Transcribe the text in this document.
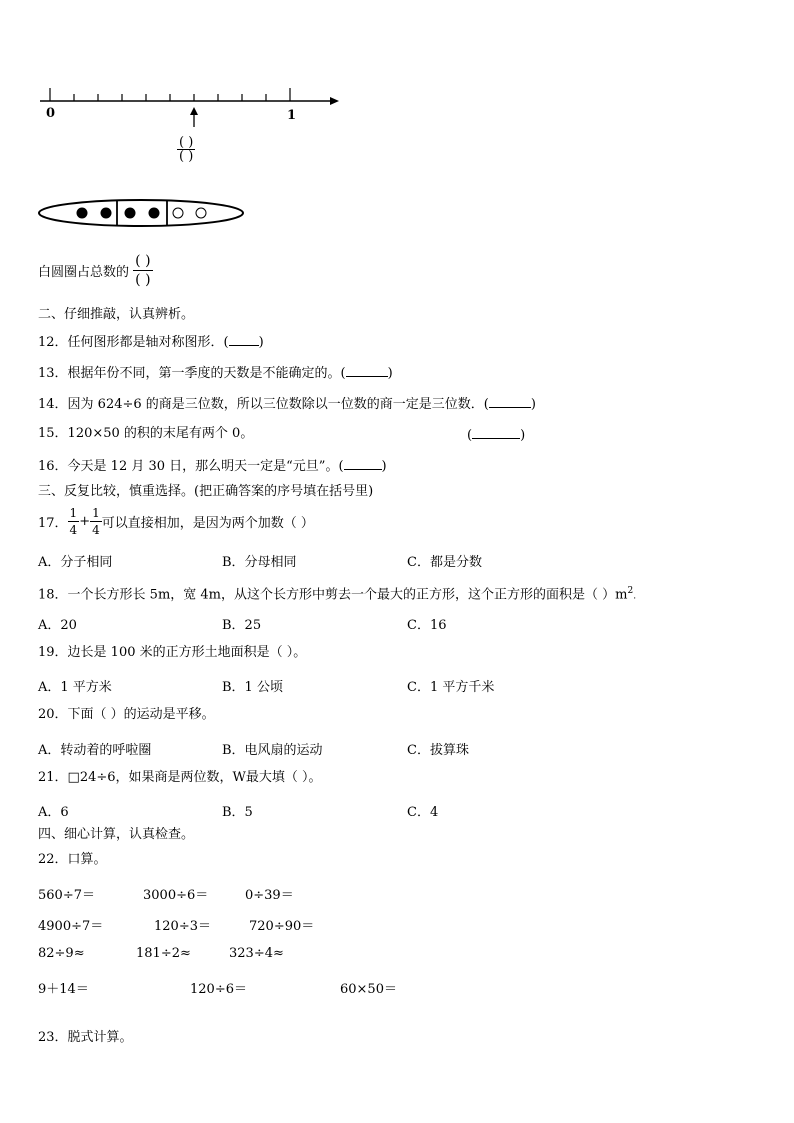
0	1
( )
( )
白圆圈占总数的 $\frac{( )}{( )}$
二、仔细推敲，认真辨析。
12．任何图形都是轴对称图形．( )
13．根据年份不同，第一季度的天数是不能确定的。(	)
14．因为 624÷6 的商是三位数，所以三位数除以一位数的商一定是三位数．(	)
15．120×50 的积的末尾有两个 0。	(	)
16．今天是 12 月 30 日，那么明天一定是“元旦”。(	)
三、反复比较，慎重选择。(把正确答案的序号填在括号里)
17． $\frac{1}{4} + \frac{1}{4}$ 可以直接相加，是因为两个加数（ ）
A．分子相同	B．分母相同	C．都是分数
18．一个长方形长 5m，宽 4m，从这个长方形中剪去一个最大的正方形，这个正方形的面积是（ ）$m^2$.
A．20	B．25	C．16
19．边长是 100 米的正方形土地面积是（ ）。
A．1 平方米	B．1 公顷	C．1 平方千米
20．下面（ ）的运动是平移。
A．转动着的呼啦圈	B．电风扇的运动	C．拔算珠
21．□24÷6，如果商是两位数，W最大填（ ）。
A．6	B．5	C．4
四、细心计算，认真检查。
22．口算。
560÷7＝	3000÷6＝	0÷39＝
4900÷7＝	120÷3＝	720÷90＝
82÷9≈	181÷2≈	323÷4≈
9＋14＝	120÷6＝	60×50＝
23．脱式计算。
